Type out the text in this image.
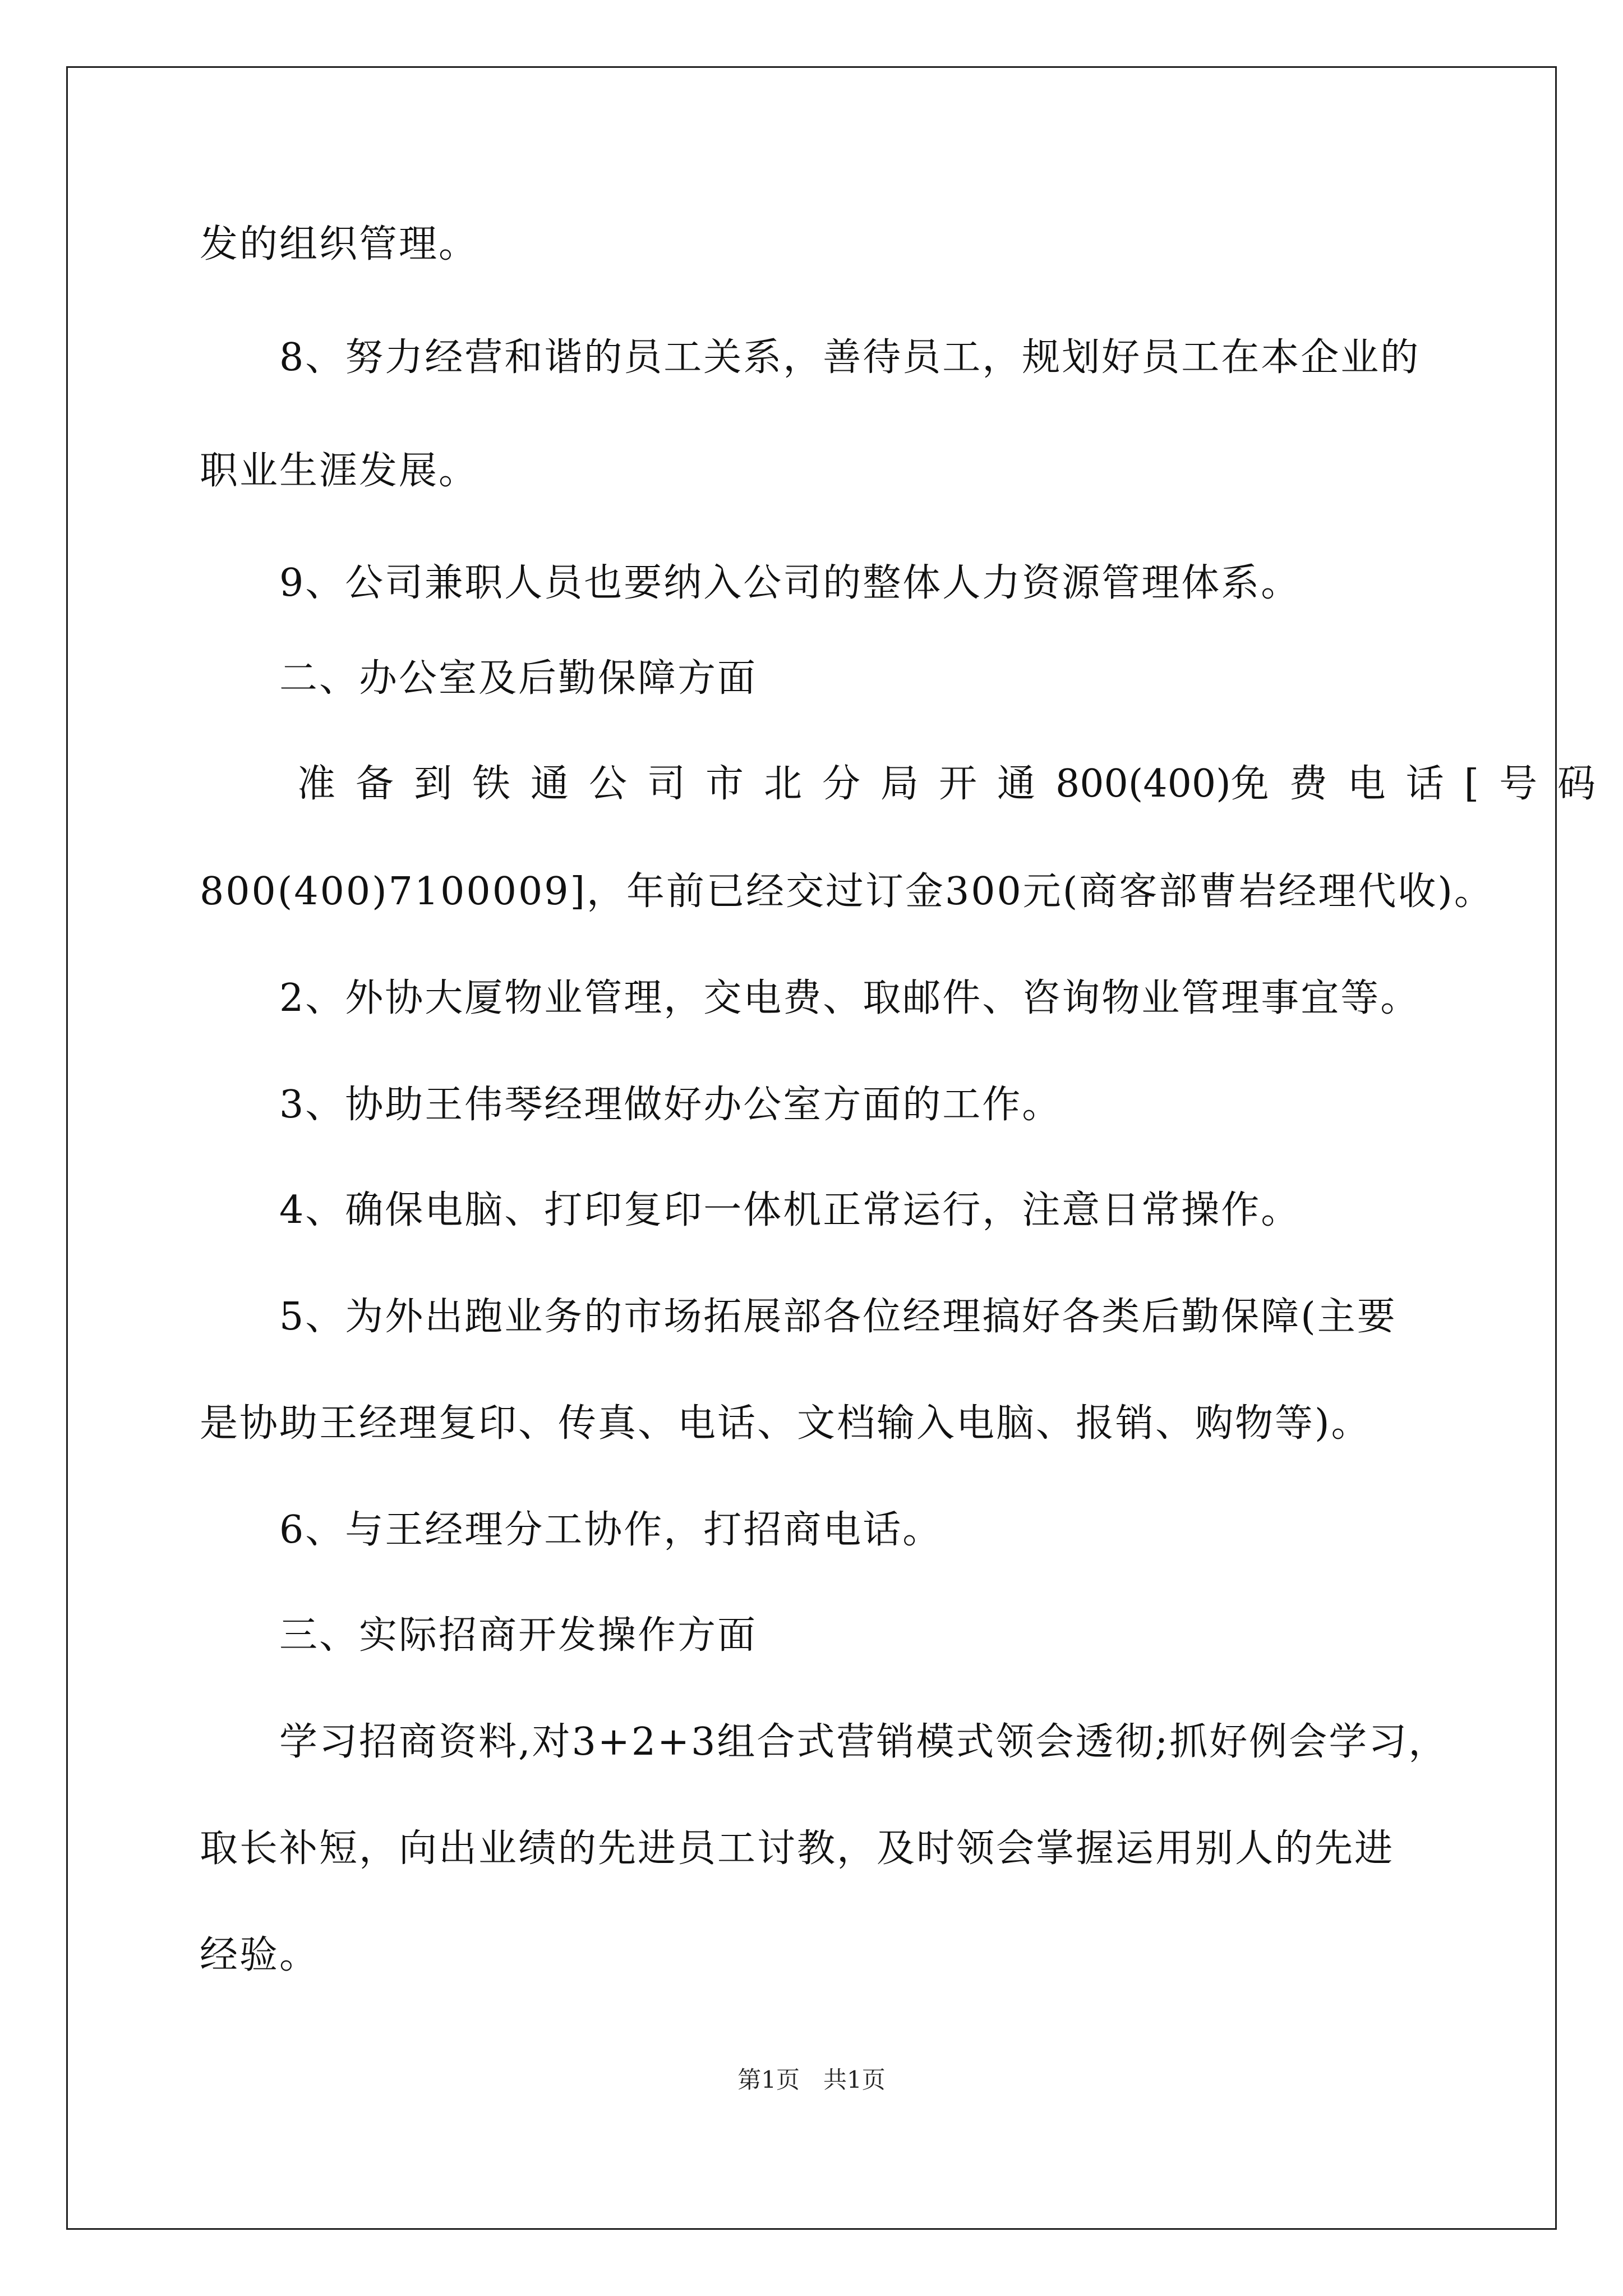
发的组织管理。
8、努力经营和谐的员工关系，善待员工，规划好员工在本企业的
职业生涯发展。
9、公司兼职人员也要纳入公司的整体人力资源管理体系。
二、办公室及后勤保障方面
准备到铁通公司市北分局开通 800(400) 免费电话[号码
800(400)7100009]，年前已经交过订金300元(商客部曹岩经理代收)。
2、外协大厦物业管理，交电费、取邮件、咨询物业管理事宜等。
3、协助王伟琴经理做好办公室方面的工作。
4、确保电脑、打印复印一体机正常运行，注意日常操作。
5、为外出跑业务的市场拓展部各位经理搞好各类后勤保障(主要
是协助王经理复印、传真、电话、文档输入电脑、报销、购物等)。
6、与王经理分工协作，打招商电话。
三、实际招商开发操作方面
学习招商资料,对3+2+3组合式营销模式领会透彻;抓好例会学习，
取长补短，向出业绩的先进员工讨教，及时领会掌握运用别人的先进
经验。
第1页　共1页
